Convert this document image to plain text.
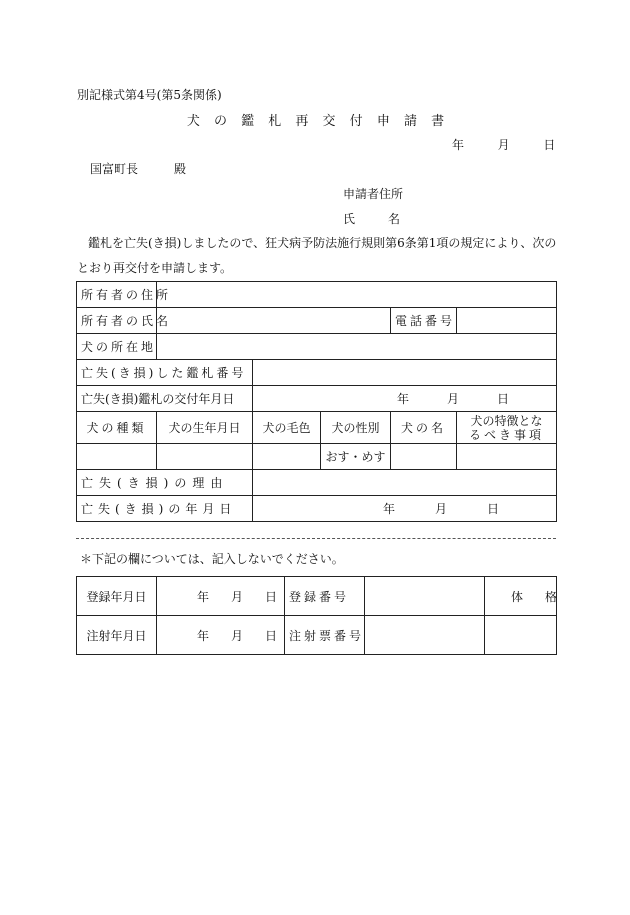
別記様式第4号(第5条関係)
犬 の 鑑 札 再 交 付 申 請 書
年	月	日
国富町長	殿
申請者住所
氏	名
鑑札を亡失(き損)しましたので、狂犬病予防法施行規則第6条第1項の規定により、次の
とおり再交付を申請します。
所有者の住所					
所有者の氏名				電話番号	
犬の所在地					
亡失(き損)した鑑札番号					
亡失(き損)鑑札の交付年月日		年 月 日			
犬の種類	犬の生年月日	犬の毛色	犬の性別	犬の名	犬の特徴とな
るべき事項

			おす・めす		
亡失(き損)の理由					
亡失(き損)の年月日		年 月 日			
＊下記の欄については、記入しないでください。
登録年月日	年 月 日	登録番号		体格
注射年月日	年 月 日	注射票番号		
